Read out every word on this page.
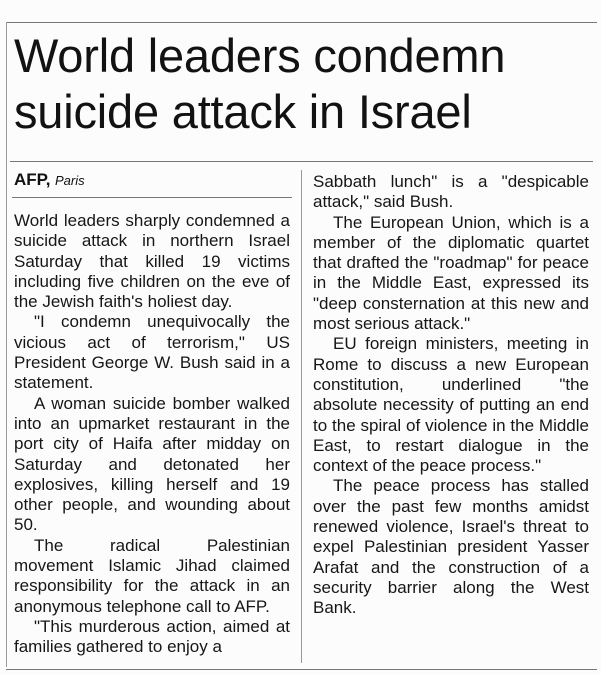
World leaders condemn suicide attack in Israel
AFP, Paris

World leaders sharply condemned a suicide attack in northern Israel Saturday that killed 19 victims including five children on the eve of the Jewish faith's holiest day.

"I condemn unequivocally the vicious act of terrorism," US President George W. Bush said in a statement.

A woman suicide bomber walked into an upmarket restaurant in the port city of Haifa after midday on Saturday and detonated her explosives, killing herself and 19 other people, and wounding about 50.

The radical Palestinian movement Islamic Jihad claimed responsibility for the attack in an anonymous telephone call to AFP.

"This murderous action, aimed at families gathered to enjoy a

Sabbath lunch" is a "despicable attack," said Bush.

The European Union, which is a member of the diplomatic quartet that drafted the "roadmap" for peace in the Middle East, expressed its "deep consternation at this new and most serious attack."

EU foreign ministers, meeting in Rome to discuss a new European constitution, underlined "the absolute necessity of putting an end to the spiral of violence in the Middle East, to restart dialogue in the context of the peace process."

The peace process has stalled over the past few months amidst renewed violence, Israel's threat to expel Palestinian president Yasser Arafat and the construction of a security barrier along the West Bank.
